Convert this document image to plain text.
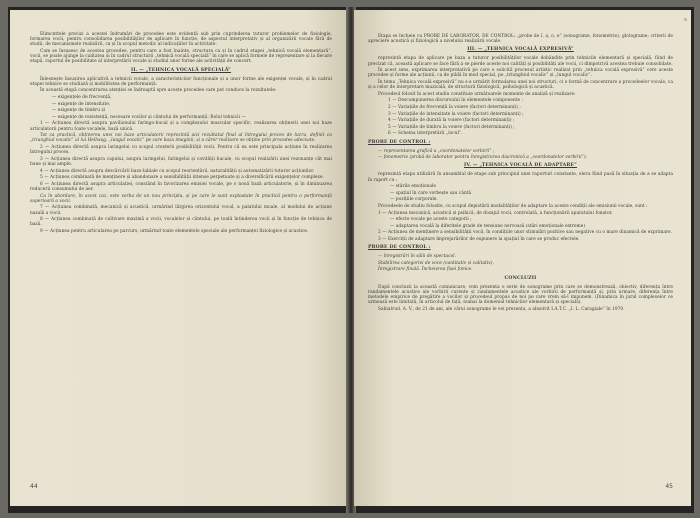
Elimcnttele precizi a acestei îndrumări de procedee este evidentă sub prin cuprinderea tuturor problemelor de fiziologie, formarea vocii, pentru consolidarea posibilităților de aplicare în funcție, de aspectul interpretativ și al organizării vocale fără de studii, de mecanismele realizării, ca și în scopul metodic al indicațiilor în activitate.

Cum se însușesc de acestea procedee, pentru care a fost înainte, structura ca și în cadrul etapei „tehnică vocală elementară”, vocii, se poate ajunge la calitatea și în cadrul structurii „tehnică vocală specială” în care se aplică formele de reprezentare și la fiecare etapă, raportul de posibilitate al interpretării vocale și studiul unor forme ale activității de concert.

II. — „TEHNICA VOCALĂ SPECIALĂ”

Înlesnește însușirea aplicativă a tehnicii vocale, a caracteristicilor funcționale și a unor forme ale exigenței vocale, și în cadrul etapei tehnice se studiază și mobilitatea de performanță.

În această etapă concentrarea atenției se îndreaptă spre aceste procedee care pot conduce la rezultatele:

— exigențele de frecvență,

— exigențe de intensitate,

— exigențe de timbru și

— exigențe de rezistență, necesare vocilor și cântului de performanță. Rolul tehnicii —

1 — Acțiunea directă asupra pavilionului faringo-bucal și a complexului muscular specific, realizarea obținerii unei noi baze articulatorii pentru toate vocalele, bază unică.

Tot ca practică, obținerea unei noi baze articulatorii reprezintă aici rezultatul final al întregului proces de lucru, definit ca „triunghiul vocalic” al lui Hellwag, „lungul vocalic” pe care baza imaginii, și a căror realizare se obține prin procedee adecvate.

2 — Acțiunea directă asupra laringelui cu scopul creșterii posibilității vocii. Pentru că ea este principala acțiune în realizarea întregului proces.

3 — Acțiunea directă asupra capului, asupra laringelui, faringelui și cavității bucale, cu scopul realizării unei rezonanțe cât mai bune și mai ample.

4 — Acțiunea directă asupra descărcării bazo-labiale cu scopul reorientării, naturalității și automatizării tuturor acțiunilor.

5 — Acțiunea combinată de menținere și abandonare a sensibilității intense perpetuate și a diversificării exigențelor complexe.

6 — Acțiunea directă asupra articulației, constând în favorizarea emisiei vocale, pe o nouă bază articulatorie, și în diminuarea reducerii consumului de aer.

Ca în abordare, în acest caz, este vorba de un nou principiu, și pe care le sunt exploatate în practică pentru o performanță superioară a vocii.

7 — Acțiunea combinată, mecanică și acustică, urmărind lărgirea orizontului vocal, a palatului moale, al modului de acțiune nazală a vocii.

8 — Acțiunea combinată de cultivare maximă a vocii, vocalelor și cântului, pe toată întinderea vocii și în funcție de tehnica de bază.

9 — Acțiunea pentru articularea pe parcurs, urmărind toate elementele speciale ale performanței fiziologice și acustice.

44

Etapa se încheie cu PROBE DE LABORATOR, DE CONTROL: „probe de î, a, o, e” (sonograme, fonometrie), glotograme; criterii de apreciere acustică și fiziologică a nivelului realizării vocale.

III. — „TEHNICA VOCALĂ EXPRESIVĂ”

reprezintă etapa de aplicare pe baza a tuturor posibilităților vocale dobândite prin tehnicile elementară și specială, fiind de precizat că, această aplicare se face fără a se pierde aceste noi calități și posibilități ale vocii, ci dimpotrivă acestea trebuie consolidate.

În acest sens, exprimarea interpretativă pe care o solicită procesul artistic realizat prin „tehnica vocală expresivă” cere aceste procedee și forme ale acțiunii, ca de pildă în mod special, pe „triunghiul vocalic” și „lungul vocalic”.

În tema „Tehnica vocală expresivă” nu s-a urmărit formularea unei noi structuri, ci o formă de concentrare a procedeelor vocale, ca și a celor de interpretare muzicală, de structură fiziologică, psihologică și acustică.

Procedeul folosit în acest stadiu constituie următoarele momente de analiză și realizare:

1 — Descompunerea discursului în elementele componente ;

2 — Variațiile de frecvență la voiere (factori determinanți) ;

3 — Variațiile de intensitate la voiere (factori determinanți) ;

4 — Variațiile de durată la voiere (factori determinanți) ;

5 — Variațiile de timbru la voiere (factori determinanți) ;

6 — Schema interpretării „locul”.

PROBE DE CONTROL :

— reprezentarea grafică a „coordonatelor vorbirii” ;

— fonometrie (probă de laborator pentru înregistrarea diacronică a „coordonatelor vorbirii”).

IV. — „TEHNICA VOCALĂ DE ADAPTARE”

reprezintă etapa utilizării în ansamblul de etape sub principiul unei raporturi constante, eleva fiind pusă în situația de a se adapta în raport cu :

— stările emoționale

— spațiul în care vorbește sau cântă

— pozițiile corporale.

Procedeele de studiu folosite, cu scopul depistării modalităților de adaptare la aceste condiții ale emisiunii vocale, sunt :

1 — Acțiunea mecanică, acustică și psihică, de dozajul vocii, controlată, a funcționării aparatului fonator.

— efecte vocale pe aceste categorii ;

— adaptarea vocală la diferitele grade de tensiune nervoasă (stări emoționale extreme)

2 — Acțiunea de menținere a sensibilității vocii, în condițiile unor stimulări pozitive sau negative cu o mare dinamică de exprimare.

3 — Exerciții de adaptare împrejurărilor de expunere la spațiul în care se produc efectele.

PROBE DE CONTROL :

— înregistrări în sălii de spectacol.

Stabilirea categoriei de voce (cantitativ și calitativ).

Înregistrare finală. Încheierea fișei fonice.

CONCLUZII

După concluzii la această comunicare, vom prezenta o serie de sonograme prin care se demonstrează, obiectiv, diferența între randamentele acustice ale vorbirii curente și randamentele acustice ale vorbirii de performanță și, prin urmare, diferența între metodele empirice de pregătire a vocilor și procedeul propus de noi pe care vrem să-l impunem. (Dinamica în jurul complexelor ce urmează este limitată, în articolul de față, numai la domeniul tehnicilor elementară și specială).

Sabiatrud, A. V., de 21 de ani, ale cărui sonograme le vei prezenta, a absolvit I.A.T.C. „I. L. Caragiale” în 1970.

45
